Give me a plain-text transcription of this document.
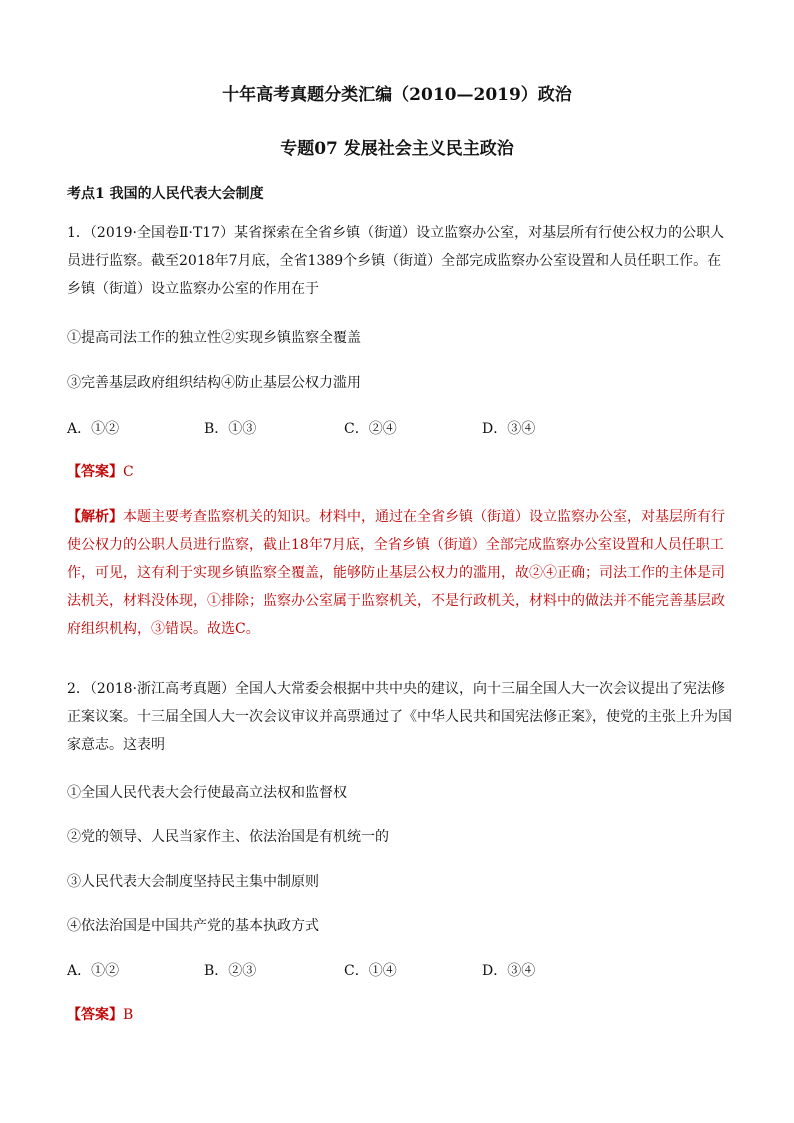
十年高考真题分类汇编（2010—2019）政治
专题07 发展社会主义民主政治
考点1 我国的人民代表大会制度

1．（2019·全国卷Ⅱ·T17）某省探索在全省乡镇（街道）设立监察办公室，对基层所有行使公权力的公职人员进行监察。截至2018年7月底，全省1389个乡镇（街道）全部完成监察办公室设置和人员任职工作。在乡镇（街道）设立监察办公室的作用在于

①提高司法工作的独立性②实现乡镇监察全覆盖
③完善基层政府组织结构④防止基层公权力滥用
A．①②	B．①③	C．②④	D．③④
【答案】C

【解析】本题主要考查监察机关的知识。材料中，通过在全省乡镇（街道）设立监察办公室，对基层所有行使公权力的公职人员进行监察，截止18年7月底，全省乡镇（街道）全部完成监察办公室设置和人员任职工作，可见，这有利于实现乡镇监察全覆盖，能够防止基层公权力的滥用，故②④正确；司法工作的主体是司法机关，材料没体现，①排除；监察办公室属于监察机关，不是行政机关，材料中的做法并不能完善基层政府组织机构，③错误。故选C。

2．（2018·浙江高考真题）全国人大常委会根据中共中央的建议，向十三届全国人大一次会议提出了宪法修正案议案。十三届全国人大一次会议审议并高票通过了《中华人民共和国宪法修正案》，使党的主张上升为国家意志。这表明

①全国人民代表大会行使最高立法权和监督权
②党的领导、人民当家作主、依法治国是有机统一的
③人民代表大会制度坚持民主集中制原则
④依法治国是中国共产党的基本执政方式
A．①②	B．②③	C．①④	D．③④
【答案】B
